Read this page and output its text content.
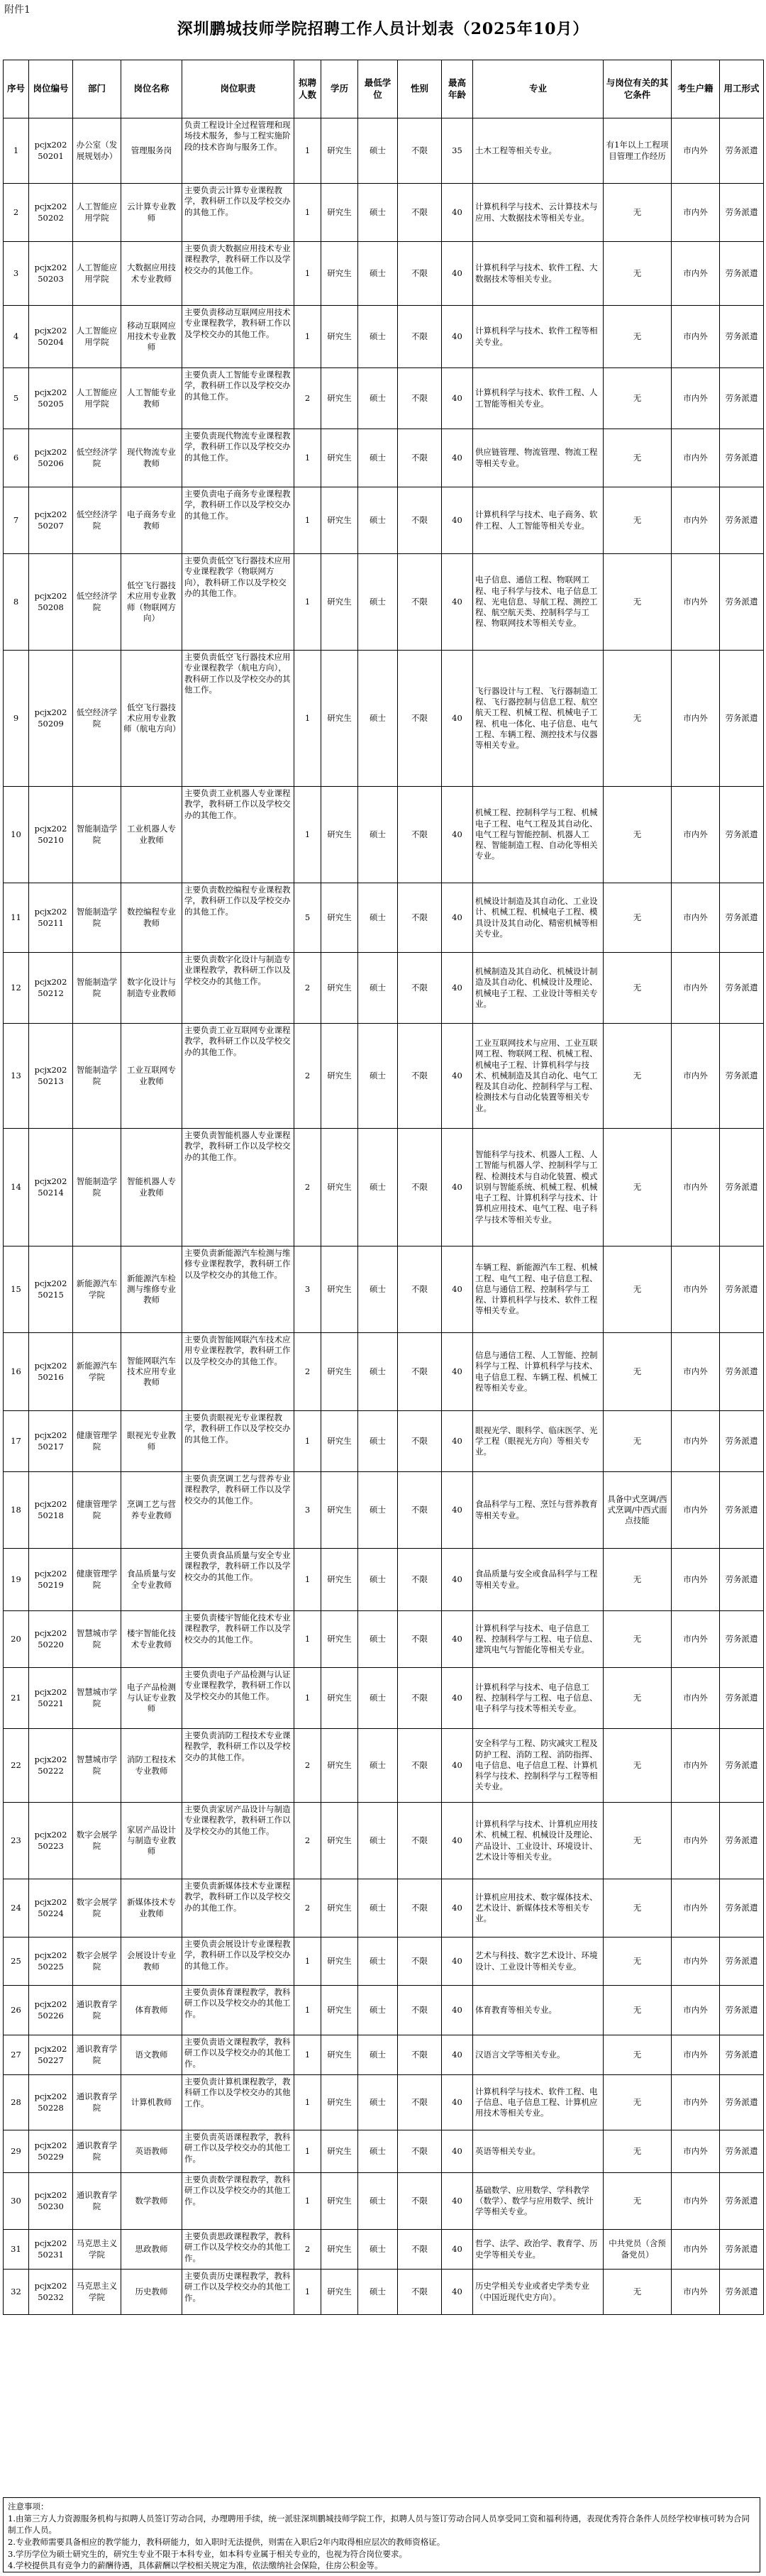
附件1
深圳鹏城技师学院招聘工作人员计划表（2025年10月）
序号	岗位编号	部门	岗位名称	岗位职责	拟聘人数	学历	最低学位	性别	最高年龄	专业	与岗位有关的其它条件	考生户籍	用工形式
1	pcjx202 50201	办公室（发展规划办）	管理服务岗	负责工程设计全过程管理和现场技术服务，参与工程实施阶段的技术咨询与服务工作。	1	研究生	硕士	不限	35	土木工程等相关专业。	有1年以上工程项目管理工作经历	市内外	劳务派遣
2	pcjx202 50202	人工智能应用学院	云计算专业教师	主要负责云计算专业课程教学，教科研工作以及学校交办的其他工作。	1	研究生	硕士	不限	40	计算机科学与技术、云计算技术与应用、大数据技术等相关专业。	无	市内外	劳务派遣
3	pcjx202 50203	人工智能应用学院	大数据应用技术专业教师	主要负责大数据应用技术专业课程教学，教科研工作以及学校交办的其他工作。	1	研究生	硕士	不限	40	计算机科学与技术、软件工程、大数据技术等相关专业。	无	市内外	劳务派遣
4	pcjx202 50204	人工智能应用学院	移动互联网应用技术专业教师	主要负责移动互联网应用技术专业课程教学，教科研工作以及学校交办的其他工作。	1	研究生	硕士	不限	40	计算机科学与技术、软件工程等相关专业。	无	市内外	劳务派遣
5	pcjx202 50205	人工智能应用学院	人工智能专业教师	主要负责人工智能专业课程教学，教科研工作以及学校交办的其他工作。	2	研究生	硕士	不限	40	计算机科学与技术、软件工程、人工智能等相关专业。	无	市内外	劳务派遣
6	pcjx202 50206	低空经济学院	现代物流专业教师	主要负责现代物流专业课程教学，教科研工作以及学校交办的其他工作。	1	研究生	硕士	不限	40	供应链管理、物流管理、物流工程等相关专业。	无	市内外	劳务派遣
7	pcjx202 50207	低空经济学院	电子商务专业教师	主要负责电子商务专业课程教学，教科研工作以及学校交办的其他工作。	1	研究生	硕士	不限	40	计算机科学与技术、电子商务、软件工程、人工智能等相关专业。	无	市内外	劳务派遣
8	pcjx202 50208	低空经济学院	低空飞行器技术应用专业教师（物联网方向）	主要负责低空飞行器技术应用专业课程教学（物联网方向），教科研工作以及学校交办的其他工作。	1	研究生	硕士	不限	40	电子信息、通信工程、物联网工程、电子科学与技术、电子信息工程、光电信息、导航工程、测控工程、航空航天类、控制科学与工程、物联网技术等相关专业。	无	市内外	劳务派遣
9	pcjx202 50209	低空经济学院	低空飞行器技术应用专业教师（航电方向）	主要负责低空飞行器技术应用专业课程教学（航电方向），教科研工作以及学校交办的其他工作。	1	研究生	硕士	不限	40	飞行器设计与工程、飞行器制造工程、飞行器控制与信息工程、航空航天工程、机械工程、机械电子工程、机电一体化、电子信息、电气工程、车辆工程、测控技术与仪器等相关专业。	无	市内外	劳务派遣
10	pcjx202 50210	智能制造学院	工业机器人专业教师	主要负责工业机器人专业课程教学，教科研工作以及学校交办的其他工作。	1	研究生	硕士	不限	40	机械工程、控制科学与工程、机械电子工程、电气工程及其自动化、电气工程与智能控制、机器人工程、智能制造工程、自动化等相关专业。	无	市内外	劳务派遣
11	pcjx202 50211	智能制造学院	数控编程专业教师	主要负责数控编程专业课程教学，教科研工作以及学校交办的其他工作。	5	研究生	硕士	不限	40	机械设计制造及其自动化、工业设计、机械工程、机械电子工程、模具设计及其自动化、精密机械等相关专业。	无	市内外	劳务派遣
12	pcjx202 50212	智能制造学院	数字化设计与制造专业教师	主要负责数字化设计与制造专业课程教学，教科研工作以及学校交办的其他工作。	2	研究生	硕士	不限	40	机械制造及其自动化、机械设计制造及其自动化、机械设计及理论、机械电子工程、工业设计等相关专业。	无	市内外	劳务派遣
13	pcjx202 50213	智能制造学院	工业互联网专业教师	主要负责工业互联网专业课程教学，教科研工作以及学校交办的其他工作。	2	研究生	硕士	不限	40	工业互联网技术与应用、工业互联网工程、物联网工程、机械工程、机械电子工程、计算机科学与技术、机械制造及其自动化、电气工程及其自动化、控制科学与工程、检测技术与自动化装置等相关专业。	无	市内外	劳务派遣
14	pcjx202 50214	智能制造学院	智能机器人专业教师	主要负责智能机器人专业课程教学，教科研工作以及学校交办的其他工作。	2	研究生	硕士	不限	40	智能科学与技术、机器人工程、人工智能与机器人学、控制科学与工程、检测技术与自动化装置、模式识别与智能系统、机械工程、机械电子工程、计算机科学与技术、计算机应用技术、电气工程、电子科学与技术等相关专业。	无	市内外	劳务派遣
15	pcjx202 50215	新能源汽车学院	新能源汽车检测与维修专业教师	主要负责新能源汽车检测与维修专业课程教学，教科研工作以及学校交办的其他工作。	3	研究生	硕士	不限	40	车辆工程、新能源汽车工程、机械工程、电气工程、电子信息工程、信息与通信工程、控制科学与工程、计算机科学与技术、软件工程等相关专业。	无	市内外	劳务派遣
16	pcjx202 50216	新能源汽车学院	智能网联汽车技术应用专业教师	主要负责智能网联汽车技术应用专业课程教学，教科研工作以及学校交办的其他工作。	2	研究生	硕士	不限	40	信息与通信工程、人工智能、控制科学与工程、计算机科学与技术、电子信息工程、车辆工程、机械工程等相关专业。	无	市内外	劳务派遣
17	pcjx202 50217	健康管理学院	眼视光专业教师	主要负责眼视光专业课程教学，教科研工作以及学校交办的其他工作。	1	研究生	硕士	不限	40	眼视光学、眼科学、临床医学、光学工程（眼视光方向）等相关专业。	无	市内外	劳务派遣
18	pcjx202 50218	健康管理学院	烹调工艺与营养专业教师	主要负责烹调工艺与营养专业课程教学，教科研工作以及学校交办的其他工作。	3	研究生	硕士	不限	40	食品科学与工程、烹饪与营养教育等相关专业。	具备中式烹调/西式烹调/中西式面点技能	市内外	劳务派遣
19	pcjx202 50219	健康管理学院	食品质量与安全专业教师	主要负责食品质量与安全专业课程教学，教科研工作以及学校交办的其他工作。	1	研究生	硕士	不限	40	食品质量与安全或食品科学与工程等相关专业。	无	市内外	劳务派遣
20	pcjx202 50220	智慧城市学院	楼宇智能化技术专业教师	主要负责楼宇智能化技术专业课程教学，教科研工作以及学校交办的其他工作。	1	研究生	硕士	不限	40	计算机科学与技术、电子信息工程、控制科学与工程、电子信息、建筑电气与智能化等相关专业。	无	市内外	劳务派遣
21	pcjx202 50221	智慧城市学院	电子产品检测与认证专业教师	主要负责电子产品检测与认证专业课程教学，教科研工作以及学校交办的其他工作。	1	研究生	硕士	不限	40	计算机科学与技术、电子信息工程、控制科学与工程、电子信息、电子科学与技术等相关专业。	无	市内外	劳务派遣
22	pcjx202 50222	智慧城市学院	消防工程技术专业教师	主要负责消防工程技术专业课程教学，教科研工作以及学校交办的其他工作。	2	研究生	硕士	不限	40	安全科学与工程、防灾减灾工程及防护工程、消防工程、消防指挥、电子信息、电子信息工程、计算机科学与技术、控制科学与工程等相关专业。	无	市内外	劳务派遣
23	pcjx202 50223	数字会展学院	家居产品设计与制造专业教师	主要负责家居产品设计与制造专业课程教学，教科研工作以及学校交办的其他工作。	2	研究生	硕士	不限	40	计算机科学与技术、计算机应用技术、机械工程、机械设计及理论、产品设计、工业设计、环境设计、艺术设计等相关专业。	无	市内外	劳务派遣
24	pcjx202 50224	数字会展学院	新媒体技术专业教师	主要负责新媒体技术专业课程教学，教科研工作以及学校交办的其他工作。	2	研究生	硕士	不限	40	计算机应用技术、数字媒体技术、艺术设计、新媒体技术等相关专业。	无	市内外	劳务派遣
25	pcjx202 50225	数字会展学院	会展设计专业教师	主要负责会展设计专业课程教学，教科研工作以及学校交办的其他工作。	1	研究生	硕士	不限	40	艺术与科技、数字艺术设计、环境设计、工业设计等相关专业。	无	市内外	劳务派遣
26	pcjx202 50226	通识教育学院	体育教师	主要负责体育课程教学，教科研工作以及学校交办的其他工作。	1	研究生	硕士	不限	40	体育教育等相关专业。	无	市内外	劳务派遣
27	pcjx202 50227	通识教育学院	语文教师	主要负责语文课程教学，教科研工作以及学校交办的其他工作。	1	研究生	硕士	不限	40	汉语言文学等相关专业。	无	市内外	劳务派遣
28	pcjx202 50228	通识教育学院	计算机教师	主要负责计算机课程教学，教科研工作以及学校交办的其他工作。	1	研究生	硕士	不限	40	计算机科学与技术、软件工程、电子信息、电子信息工程、计算机应用技术等相关专业。	无	市内外	劳务派遣
29	pcjx202 50229	通识教育学院	英语教师	主要负责英语课程教学，教科研工作以及学校交办的其他工作。	1	研究生	硕士	不限	40	英语等相关专业。	无	市内外	劳务派遣
30	pcjx202 50230	通识教育学院	数学教师	主要负责数学课程教学，教科研工作以及学校交办的其他工作。	1	研究生	硕士	不限	40	基础数学、应用数学、学科教学（数学）、数学与应用数学、统计学等相关专业。	无	市内外	劳务派遣
31	pcjx202 50231	马克思主义学院	思政教师	主要负责思政课程教学，教科研工作以及学校交办的其他工作。	2	研究生	硕士	不限	40	哲学、法学、政治学、教育学、历史学等相关专业。	中共党员（含预备党员）	市内外	劳务派遣
32	pcjx202 50232	马克思主义学院	历史教师	主要负责历史课程教学，教科研工作以及学校交办的其他工作。	1	研究生	硕士	不限	40	历史学相关专业或者史学类专业（中国近现代史方向）。	无	市内外	劳务派遣
注意事项：
1.由第三方人力资源服务机构与拟聘人员签订劳动合同，办理聘用手续，统一派驻深圳鹏城技师学院工作，拟聘人员与签订劳动合同人员享受同工资和福利待遇，表现优秀符合条件人员经学校审核可转为合同制工作人员。
2.专业教师需要具备相应的教学能力，教科研能力，如入职时无法提供，则需在入职后2年内取得相应层次的教师资格证。
3.学历学位为硕士研究生的，研究生专业不限于本科专业，如本科专业属于相关专业的，也视为符合岗位要求。
4.学校提供具有竞争力的薪酬待遇，具体薪酬以学校相关规定为准，依法缴纳社会保险，住房公积金等。
